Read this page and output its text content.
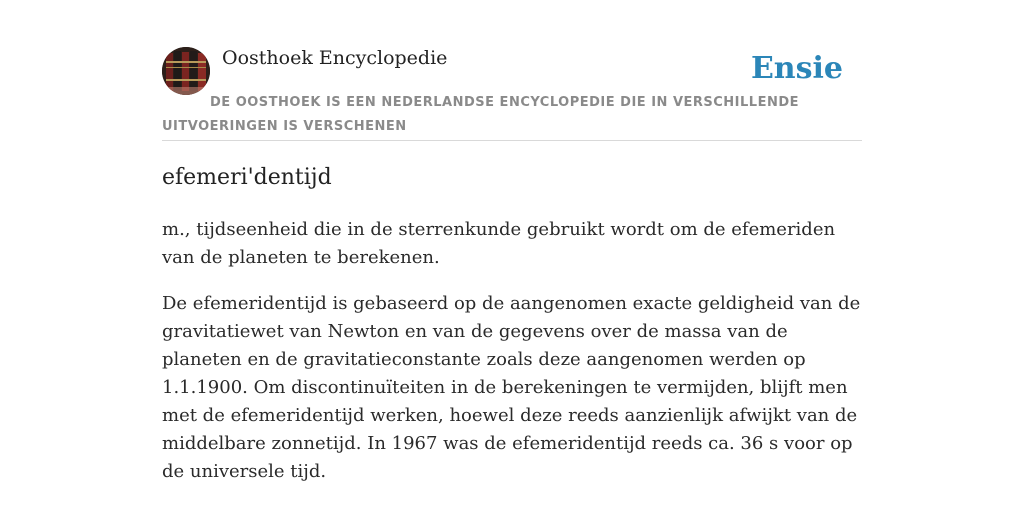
Oosthoek Encyclopedie	Ensie
DE OOSTHOEK IS EEN NEDERLANDSE ENCYCLOPEDIE DIE IN VERSCHILLENDE UITVOERINGEN IS VERSCHENEN
efemeri'dentijd

m., tijdseenheid die in de sterrenkunde gebruikt wordt om de efemeriden van de planeten te berekenen.

De efemeridentijd is gebaseerd op de aangenomen exacte geldigheid van de gravitatiewet van Newton en van de gegevens over de massa van de planeten en de gravitatieconstante zoals deze aangenomen werden op 1.1.1900. Om discontinuïteiten in de berekeningen te vermijden, blijft men met de efemeridentijd werken, hoewel deze reeds aanzienlijk afwijkt van de middelbare zonnetijd. In 1967 was de efemeridentijd reeds ca. 36 s voor op de universele tijd.
